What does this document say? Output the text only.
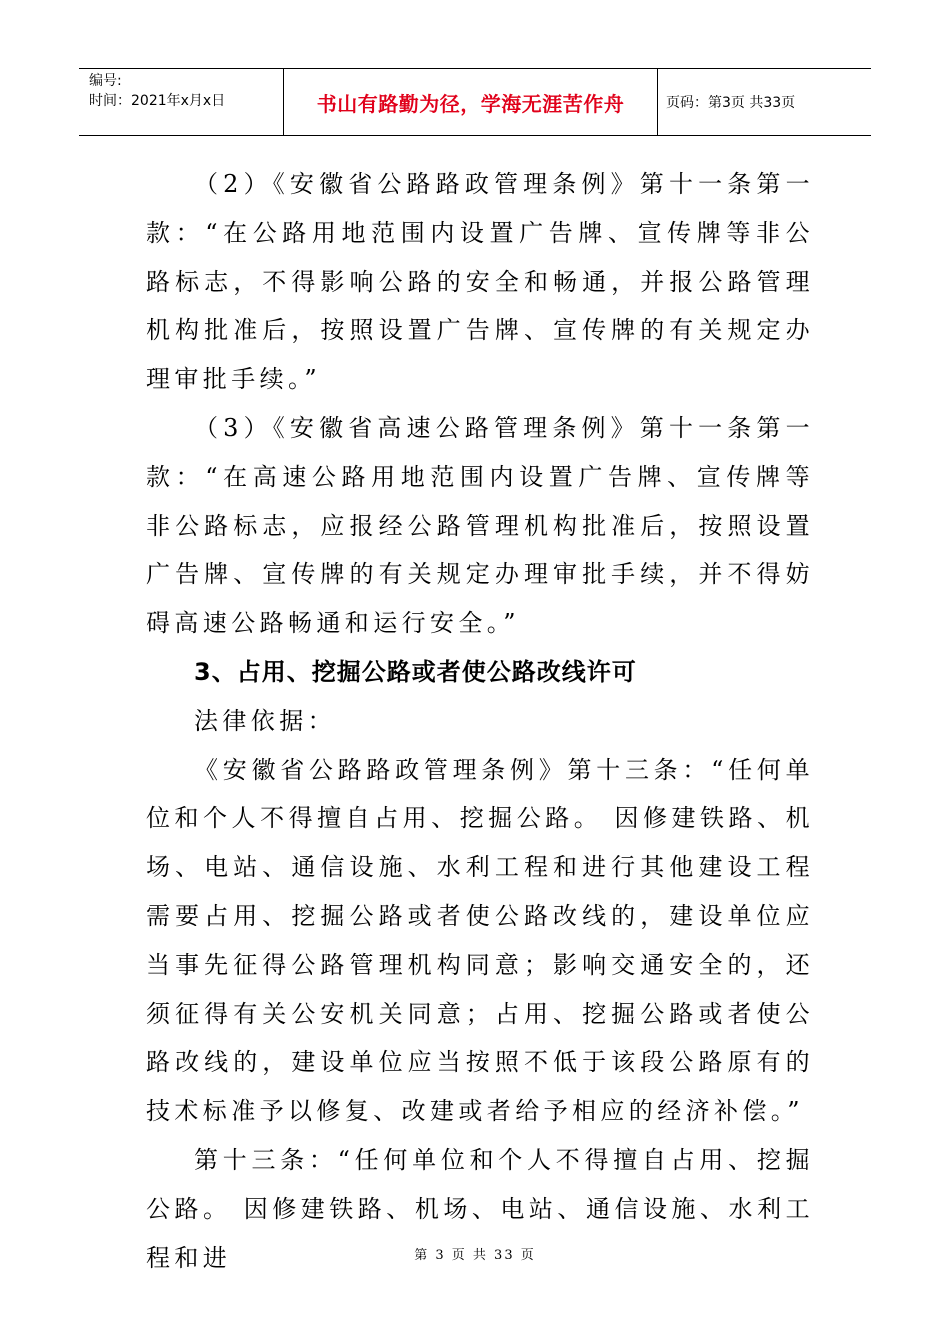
编号:
时间：2021年x月x日	书山有路勤为径，学海无涯苦作舟	页码：第3页 共33页

（2）《安徽省公路路政管理条例》第十一条第一款：“在公路用地范围内设置广告牌、宣传牌等非公路标志，不得影响公路的安全和畅通，并报公路管理机构批准后，按照设置广告牌、宣传牌的有关规定办理审批手续。”

（3）《安徽省高速公路管理条例》第十一条第一款：“在高速公路用地范围内设置广告牌、宣传牌等非公路标志，应报经公路管理机构批准后，按照设置广告牌、宣传牌的有关规定办理审批手续，并不得妨碍高速公路畅通和运行安全。”

3、占用、挖掘公路或者使公路改线许可

法律依据：

《安徽省公路路政管理条例》第十三条：“任何单位和个人不得擅自占用、挖掘公路。 因修建铁路、机场、电站、通信设施、水利工程和进行其他建设工程需要占用、挖掘公路或者使公路改线的，建设单位应当事先征得公路管理机构同意；影响交通安全的，还须征得有关公安机关同意；占用、挖掘公路或者使公路改线的，建设单位应当按照不低于该段公路原有的技术标准予以修复、改建或者给予相应的经济补偿。”

第十三条：“任何单位和个人不得擅自占用、挖掘公路。 因修建铁路、机场、电站、通信设施、水利工程和进	第 3 页 共 33 页
